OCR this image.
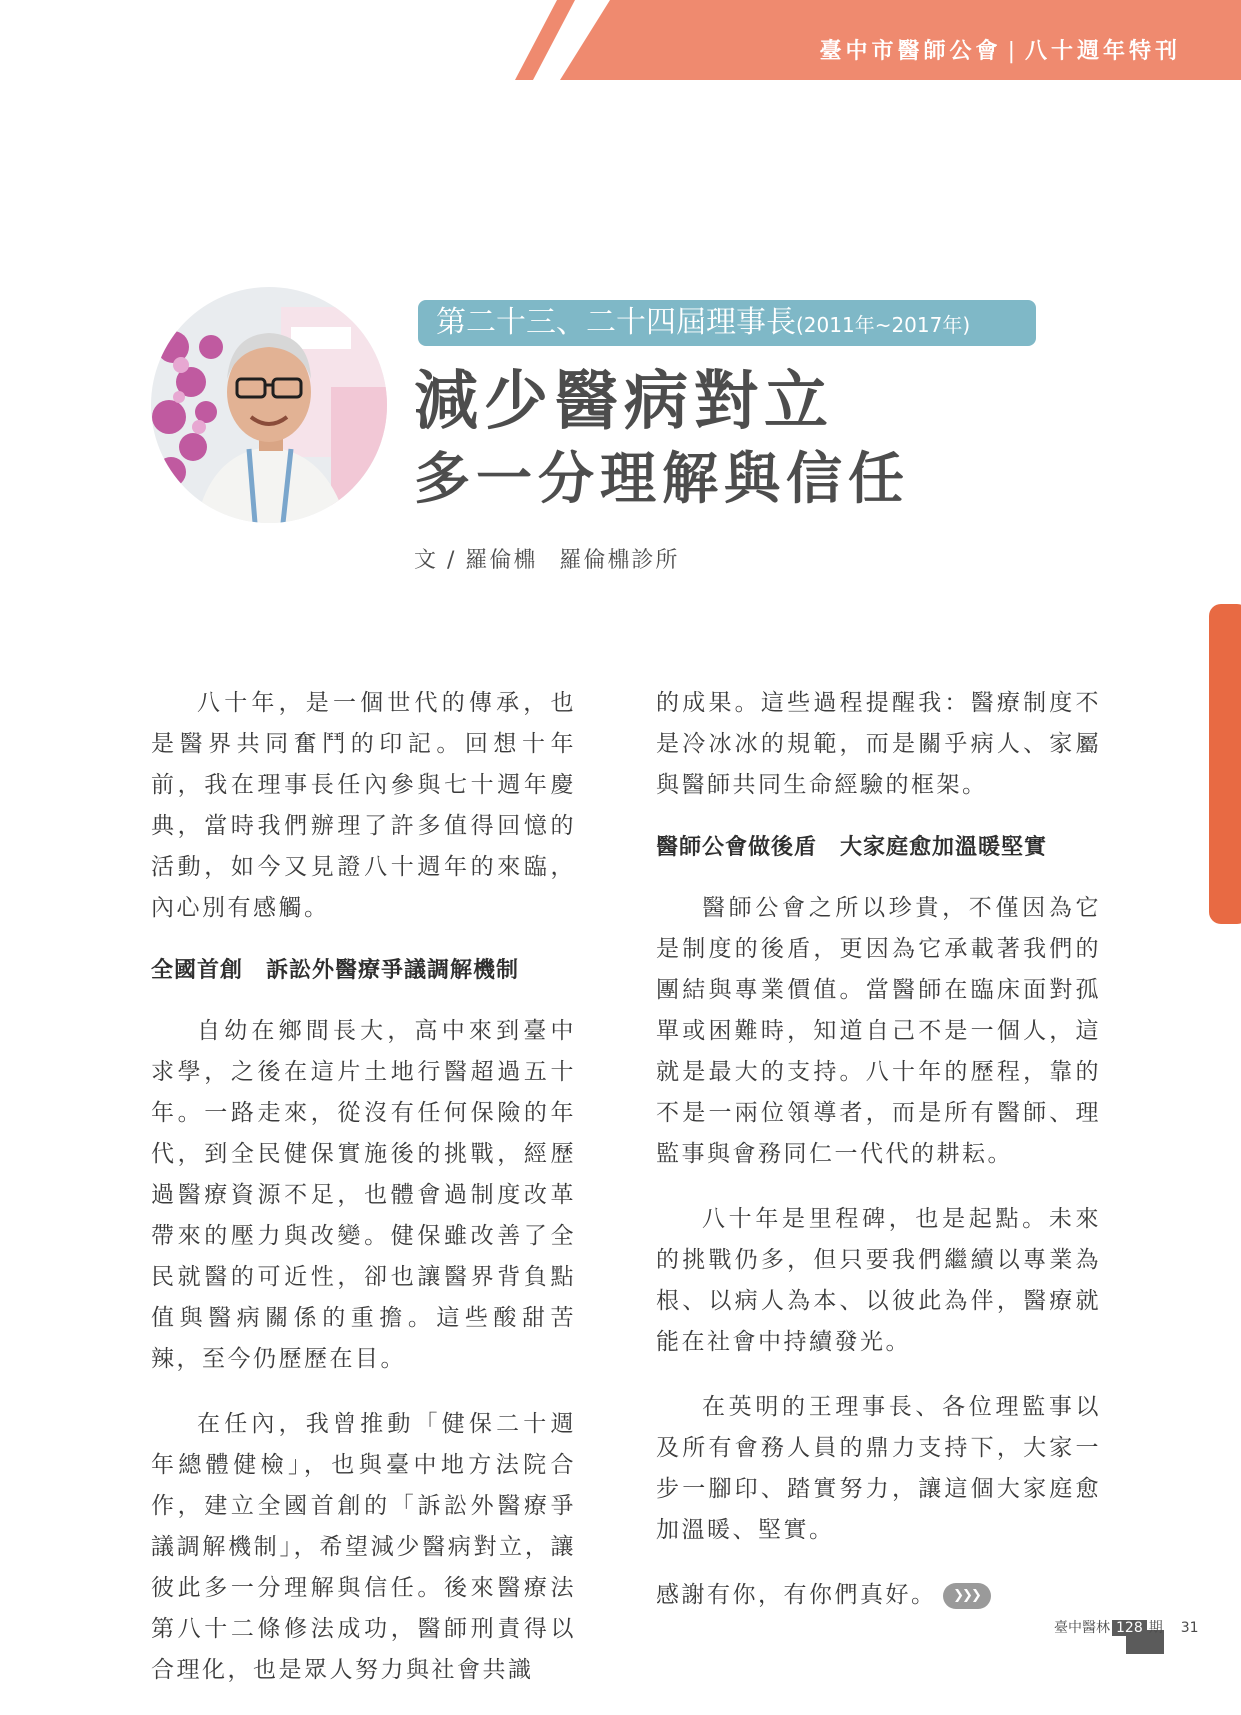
臺中市醫師公會 | 八十週年特刊
第二十三、二十四屆理事長(2011年~2017年)
減少醫病對立
多一分理解與信任
文 / 羅倫檙 羅倫檙診所

八十年，是一個世代的傳承，也是醫界共同奮鬥的印記。回想十年前，我在理事長任內參與七十週年慶典，當時我們辦理了許多值得回憶的活動，如今又見證八十週年的來臨，內心別有感觸。

全國首創　訴訟外醫療爭議調解機制

自幼在鄉間長大，高中來到臺中求學，之後在這片土地行醫超過五十年。一路走來，從沒有任何保險的年代，到全民健保實施後的挑戰，經歷過醫療資源不足，也體會過制度改革帶來的壓力與改變。健保雖改善了全民就醫的可近性，卻也讓醫界背負點值與醫病關係的重擔。這些酸甜苦辣，至今仍歷歷在目。

在任內，我曾推動「健保二十週年總體健檢」，也與臺中地方法院合作，建立全國首創的「訴訟外醫療爭議調解機制」，希望減少醫病對立，讓彼此多一分理解與信任。後來醫療法第八十二條修法成功，醫師刑責得以合理化，也是眾人努力與社會共識

的成果。這些過程提醒我：醫療制度不是冷冰冰的規範，而是關乎病人、家屬與醫師共同生命經驗的框架。

醫師公會做後盾　大家庭愈加溫暖堅實

醫師公會之所以珍貴，不僅因為它是制度的後盾，更因為它承載著我們的團結與專業價值。當醫師在臨床面對孤單或困難時，知道自己不是一個人，這就是最大的支持。八十年的歷程，靠的不是一兩位領導者，而是所有醫師、理監事與會務同仁一代代的耕耘。

八十年是里程碑，也是起點。未來的挑戰仍多，但只要我們繼續以專業為根、以病人為本、以彼此為伴，醫療就能在社會中持續發光。

在英明的王理事長、各位理監事以及所有會務人員的鼎力支持下，大家一步一腳印、踏實努力，讓這個大家庭愈加溫暖、堅實。

感謝有你，有你們真好。 ❯❯❯

臺中醫林 128 期 31
